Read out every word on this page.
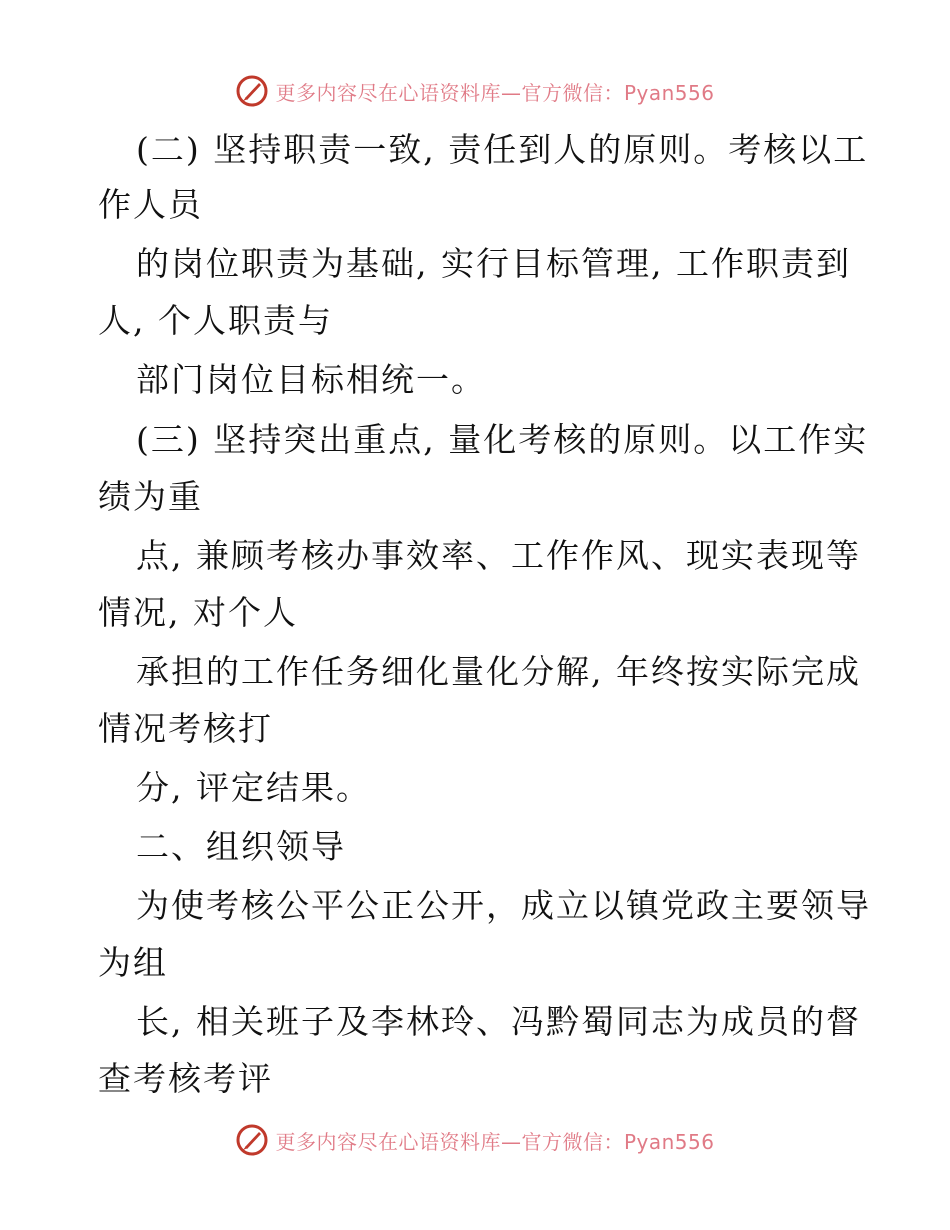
更多内容尽在心语资料库—官方微信：Pyan556
(二) 坚持职责一致, 责任到人的原则。考核以工
作人员
的岗位职责为基础, 实行目标管理, 工作职责到
人, 个人职责与
部门岗位目标相统一。
(三) 坚持突出重点, 量化考核的原则。以工作实
绩为重
点, 兼顾考核办事效率、工作作风、现实表现等
情况, 对个人
承担的工作任务细化量化分解, 年终按实际完成
情况考核打
分, 评定结果。
二、组织领导
为使考核公平公正公开，成立以镇党政主要领导
为组
长, 相关班子及李林玲、冯黔蜀同志为成员的督
查考核考评
更多内容尽在心语资料库—官方微信：Pyan556
